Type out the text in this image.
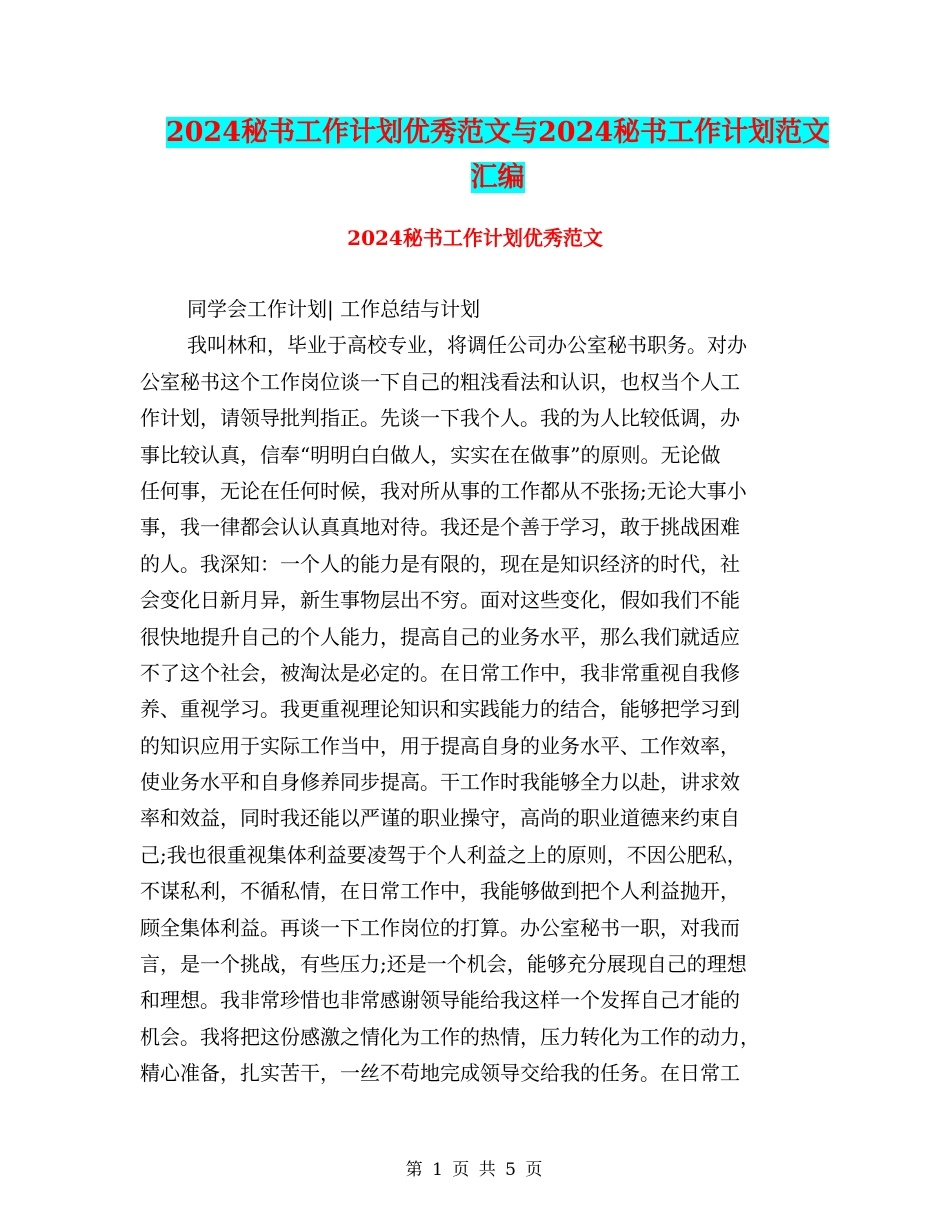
2024秘书工作计划优秀范文与2024秘书工作计划范文
汇编
2024秘书工作计划优秀范文
同学会工作计划| 工作总结与计划
我叫林和，毕业于高校专业，将调任公司办公室秘书职务。对办
公室秘书这个工作岗位谈一下自己的粗浅看法和认识，也权当个人工
作计划，请领导批判指正。先谈一下我个人。我的为人比较低调，办
事比较认真，信奉“明明白白做人，实实在在做事”的原则。无论做
任何事，无论在任何时候，我对所从事的工作都从不张扬;无论大事小
事，我一律都会认认真真地对待。我还是个善于学习，敢于挑战困难
的人。我深知：一个人的能力是有限的，现在是知识经济的时代，社
会变化日新月异，新生事物层出不穷。面对这些变化，假如我们不能
很快地提升自己的个人能力，提高自己的业务水平，那么我们就适应
不了这个社会，被淘汰是必定的。在日常工作中，我非常重视自我修
养、重视学习。我更重视理论知识和实践能力的结合，能够把学习到
的知识应用于实际工作当中，用于提高自身的业务水平、工作效率，
使业务水平和自身修养同步提高。干工作时我能够全力以赴，讲求效
率和效益，同时我还能以严谨的职业操守，高尚的职业道德来约束自
己;我也很重视集体利益要凌驾于个人利益之上的原则，不因公肥私，
不谋私利，不循私情，在日常工作中，我能够做到把个人利益抛开，
顾全集体利益。再谈一下工作岗位的打算。办公室秘书一职，对我而
言，是一个挑战，有些压力;还是一个机会，能够充分展现自己的理想
和理想。我非常珍惜也非常感谢领导能给我这样一个发挥自己才能的
机会。我将把这份感激之情化为工作的热情，压力转化为工作的动力，
精心准备，扎实苦干，一丝不苟地完成领导交给我的任务。在日常工
第 1 页 共 5 页
